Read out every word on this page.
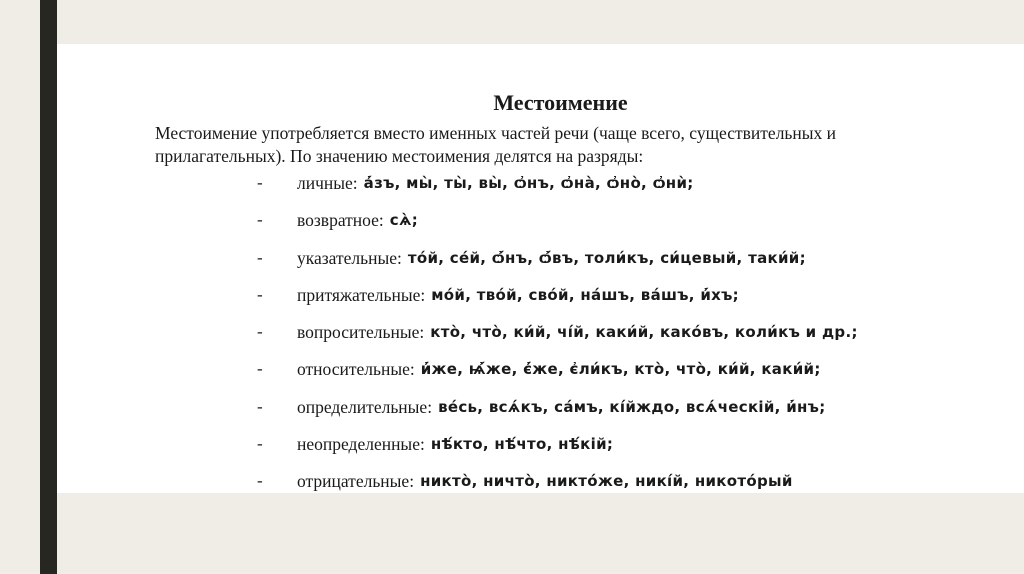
Местоимение
Местоимение употребляется вместо именных частей речи (чаще всего, существительных и прилагательных). По значению местоимения делятся на разряды:
-	личные: а҆́зъ, мы̀, ты̀, вы̀, ѻ҆нъ, ѻ҆на̀, ѻ҆но̀, ѻ҆нѝ;
-	возвратное: сѧ̀;
-	указательные: то́й, се́й, ѻ҆́нъ, ѻ҆́въ, толи́къ, си́цевый, таки́й;
-	притяжательные: мо́й, тво́й, сво́й, на́шъ, ва́шъ, и҆́хъ;
-	вопросительные: кто̀, что̀, ки́й, чі́й, каки́й, како́въ, коли́къ и др.;
-	относительные: и҆́же, ѩ҆́же, є҆́же, є҆ли́къ, кто̀, что̀, ки́й, каки́й;
-	определительные: ве́сь, всѧ́къ, са́мъ, кі́йждо, всѧ́ческій, и҆́нъ;
-	неопределенные: нѣ́кто, нѣ́что, нѣ́кій;
-	отрицательные: никто̀, ничто̀, никто́же, никі́й, никото́рый
